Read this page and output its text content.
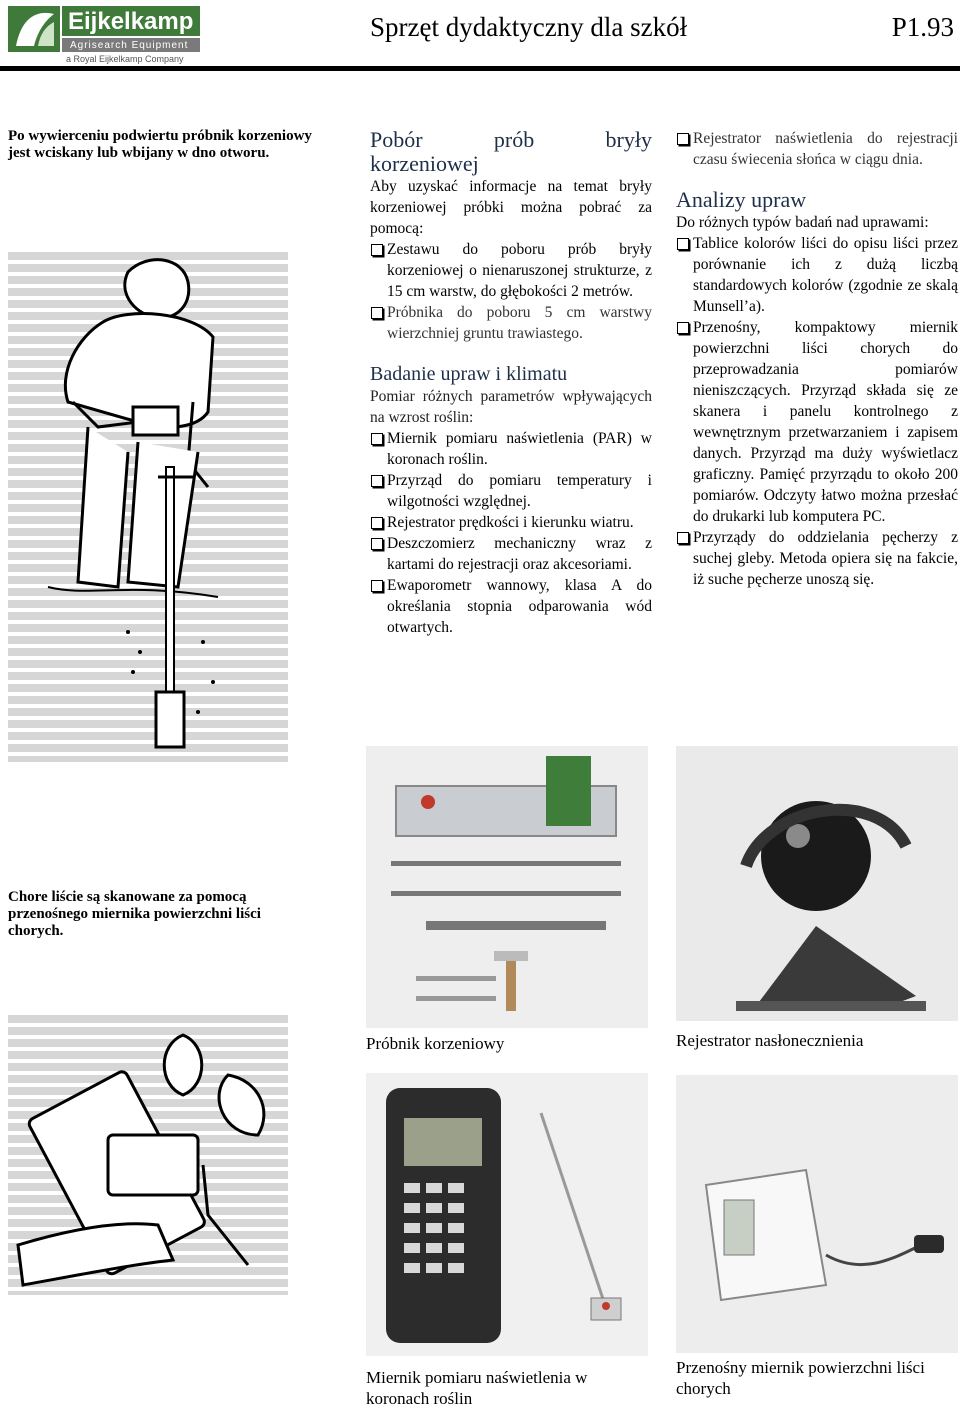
Eijkelkamp
Agrisearch Equipment
a Royal Eijkelkamp Company
Sprzęt dydaktyczny dla szkół	P1.93
Po wywierceniu podwiertu próbnik korzeniowy jest wciskany lub wbijany w dno otworu.
Chore liście są skanowane za pomocą przenośnego miernika powierzchni liści chorych.
Pobór prób bryły
korzeniowej
Aby uzyskać informacje na temat bryły korzeniowej próbki można pobrać za pomocą:
Zestawu do poboru prób bryły korzeniowej o nienaruszonej strukturze, z 15 cm warstw, do głębokości 2 metrów.
Próbnika do poboru 5 cm warstwy wierzchniej gruntu trawiastego.
Badanie upraw i klimatu
Pomiar różnych parametrów wpływających na wzrost roślin:
Miernik pomiaru naświetlenia (PAR) w koronach roślin.
Przyrząd do pomiaru temperatury i wilgotności względnej.
Rejestrator prędkości i kierunku wiatru.
Deszczomierz mechaniczny wraz z kartami do rejestracji oraz akcesoriami.
Ewaporometr wannowy, klasa A do określania stopnia odparowania wód otwartych.
Rejestrator naświetlenia do rejestracji czasu świecenia słońca w ciągu dnia.
Analizy upraw
Do różnych typów badań nad uprawami:
Tablice kolorów liści do opisu liści przez porównanie ich z dużą liczbą standardowych kolorów (zgodnie ze skalą Munsell’a).
Przenośny, kompaktowy miernik powierzchni liści chorych do przeprowadzania pomiarów nieniszczących. Przyrząd składa się ze skanera i panelu kontrolnego z wewnętrznym przetwarzaniem i zapisem danych. Przyrząd ma duży wyświetlacz graficzny. Pamięć przyrządu to około 200 pomiarów. Odczyty łatwo można przesłać do drukarki lub komputera PC.
Przyrządy do oddzielania pęcherzy z suchej gleby. Metoda opiera się na fakcie, iż suche pęcherze unoszą się.
Próbnik korzeniowy	Rejestrator nasłonecznienia
Miernik pomiaru naświetlenia w koronach roślin
Przenośny miernik powierzchni liści chorych
